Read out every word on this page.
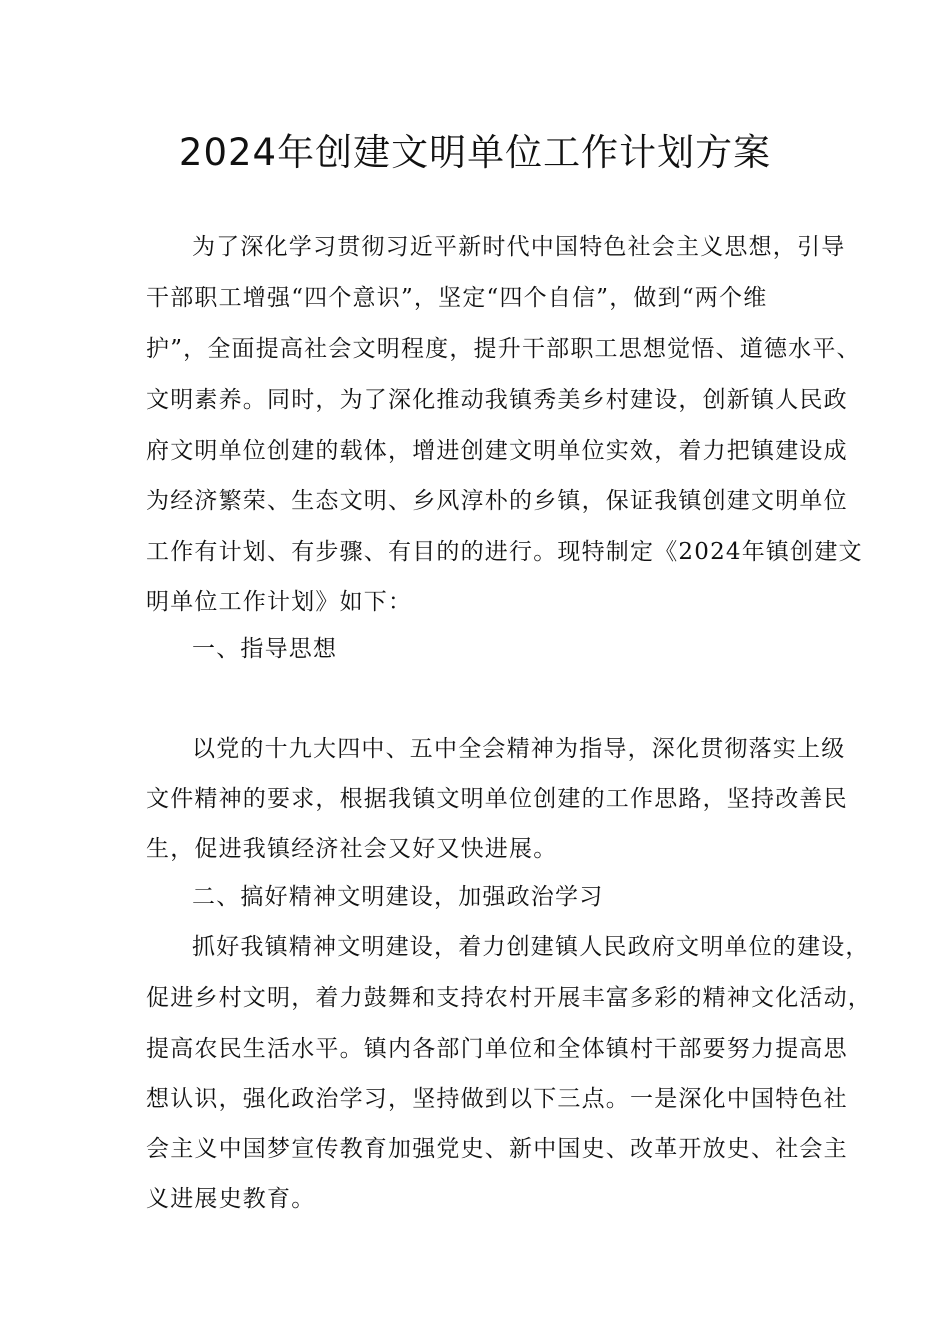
2024年创建文明单位工作计划方案

为了深化学习贯彻习近平新时代中国特色社会主义思想，引导

干部职工增强“四个意识”，坚定“四个自信”，做到“两个维

护”，全面提高社会文明程度，提升干部职工思想觉悟、道德水平、

文明素养。同时，为了深化推动我镇秀美乡村建设，创新镇人民政

府文明单位创建的载体，增进创建文明单位实效，着力把镇建设成

为经济繁荣、生态文明、乡风淳朴的乡镇，保证我镇创建文明单位

工作有计划、有步骤、有目的的进行。现特制定《2024年镇创建文

明单位工作计划》如下：

一、指导思想

以党的十九大四中、五中全会精神为指导，深化贯彻落实上级

文件精神的要求，根据我镇文明单位创建的工作思路，坚持改善民

生，促进我镇经济社会又好又快进展。

二、搞好精神文明建设，加强政治学习

抓好我镇精神文明建设，着力创建镇人民政府文明单位的建设，

促进乡村文明，着力鼓舞和支持农村开展丰富多彩的精神文化活动，

提高农民生活水平。镇内各部门单位和全体镇村干部要努力提高思

想认识，强化政治学习，坚持做到以下三点。一是深化中国特色社

会主义中国梦宣传教育加强党史、新中国史、改革开放史、社会主

义进展史教育。
